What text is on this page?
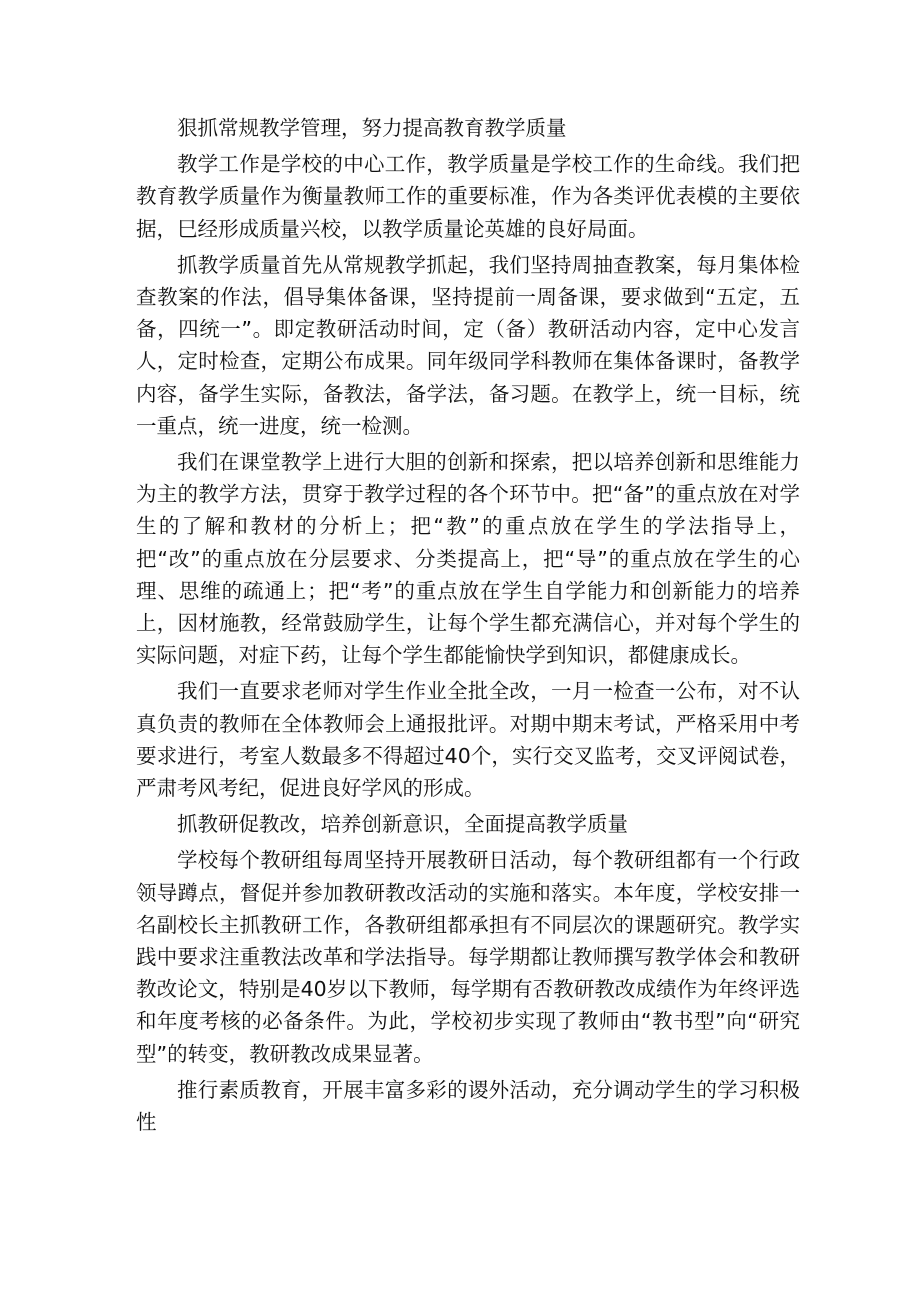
狠抓常规教学管理，努力提高教育教学质量

教学工作是学校的中心工作，教学质量是学校工作的生命线。我们把教育教学质量作为衡量教师工作的重要标准，作为各类评优表模的主要依据，巳经形成质量兴校，以教学质量论英雄的良好局面。

抓教学质量首先从常规教学抓起，我们坚持周抽查教案，每月集体检查教案的作法，倡导集体备课，坚持提前一周备课，要求做到“五定，五备，四统一”。即定教研活动时间，定（备）教研活动内容，定中心发言人，定时检查，定期公布成果。同年级同学科教师在集体备课时，备教学内容，备学生实际，备教法，备学法，备习题。在教学上，统一目标，统一重点，统一进度，统一检测。

我们在课堂教学上进行大胆的创新和探索，把以培养创新和思维能力为主的教学方法，贯穿于教学过程的各个环节中。把“备”的重点放在对学生的了解和教材的分析上；把“教”的重点放在学生的学法指导上，把“改”的重点放在分层要求、分类提高上，把“导”的重点放在学生的心理、思维的疏通上；把“考”的重点放在学生自学能力和创新能力的培养上，因材施教，经常鼓励学生，让每个学生都充满信心，并对每个学生的实际问题，对症下药，让每个学生都能愉快学到知识，都健康成长。

我们一直要求老师对学生作业全批全改，一月一检查一公布，对不认真负责的教师在全体教师会上通报批评。对期中期末考试，严格采用中考要求进行，考室人数最多不得超过40个，实行交叉监考，交叉评阅试卷，严肃考风考纪，促进良好学风的形成。

抓教研促教改，培养创新意识，全面提高教学质量

学校每个教研组每周坚持开展教研日活动，每个教研组都有一个行政领导蹲点，督促并参加教研教改活动的实施和落实。本年度，学校安排一名副校长主抓教研工作，各教研组都承担有不同层次的课题研究。教学实践中要求注重教法改革和学法指导。每学期都让教师撰写教学体会和教研教改论文，特别是40岁以下教师，每学期有否教研教改成绩作为年终评选和年度考核的必备条件。为此，学校初步实现了教师由“教书型”向“研究型”的转变，教研教改成果显著。

推行素质教育，开展丰富多彩的谡外活动，充分调动学生的学习积极性
